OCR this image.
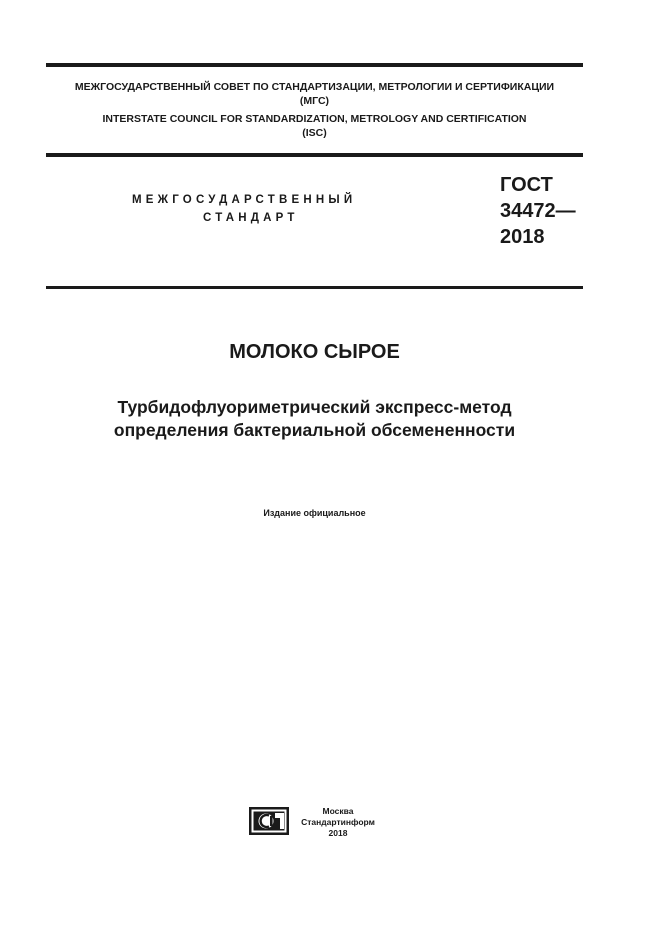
МЕЖГОСУДАРСТВЕННЫЙ СОВЕТ ПО СТАНДАРТИЗАЦИИ, МЕТРОЛОГИИ И СЕРТИФИКАЦИИ
(МГС)
INTERSTATE COUNCIL FOR STANDARDIZATION, METROLOGY AND CERTIFICATION
(ISC)
МЕЖГОСУДАРСТВЕННЫЙ
СТАНДАРТ
ГОСТ
34472—
2018
МОЛОКО СЫРОЕ
Турбидофлуориметрический экспресс-метод
определения бактериальной обсемененности
Издание официальное
Москва
Стандартинформ
2018
